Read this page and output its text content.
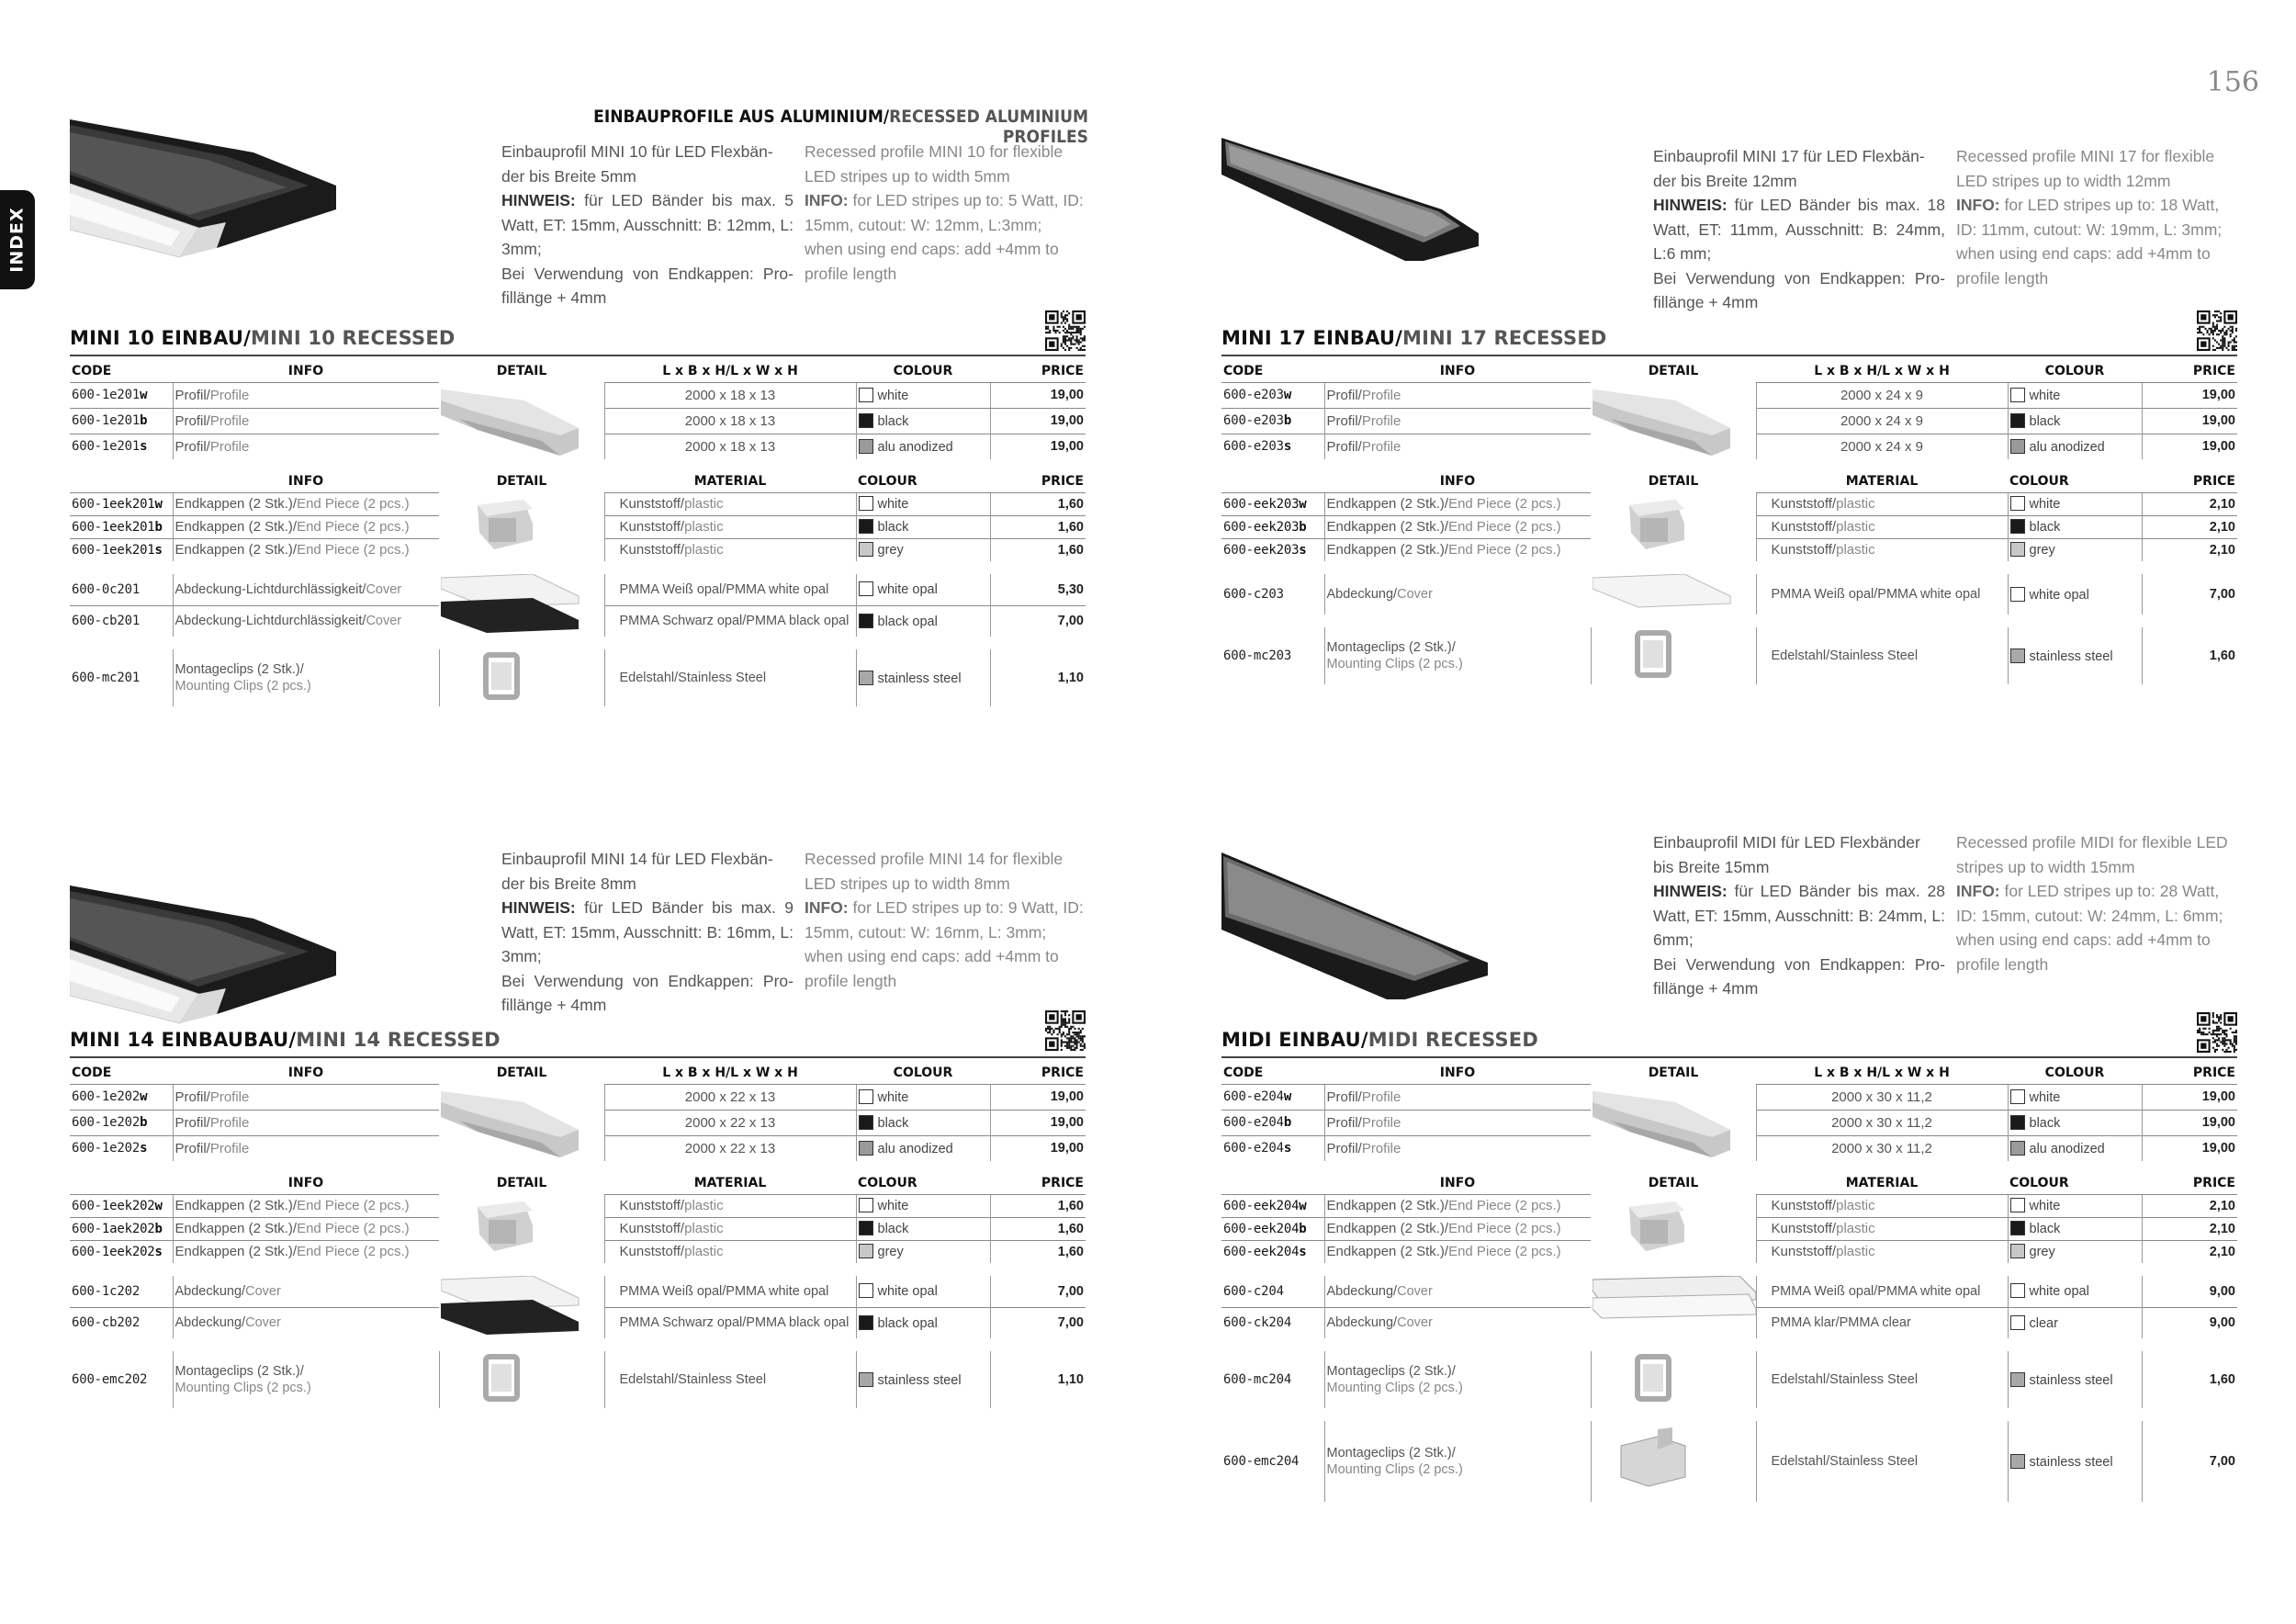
156
INDEX
EINBAUPROFILE AUS ALUMINIUM/RECESSED ALUMINIUM PROFILES
Einbauprofil MINI 10 für LED Flexbän-
der bis Breite 5mm
HINWEIS: für LED Bänder bis max. 5 Watt, ET: 15mm, Ausschnitt: B: 12mm, L: 3mm;
Bei Verwendung von Endkappen: Pro-fillänge + 4mm
Recessed profile MINI 10 for flexible LED stripes up to width 5mm
INFO: for LED stripes up to: 5 Watt, ID: 15mm, cutout: W: 12mm, L:3mm; when using end caps: add +4mm to profile length
MINI 10 EINBAU/MINI 10 RECESSED
CODE	INFO	DETAIL	L x B x H/L x W x H	COLOUR	PRICE
600-1e201w	Profil/Profile		2000 x 18 x 13	white	19,00
600-1e201b	Profil/Profile		2000 x 18 x 13	black	19,00
600-1e201s	Profil/Profile		2000 x 18 x 13	alu anodized	19,00

	INFO	DETAIL	MATERIAL	COLOUR	PRICE
600-1eek201w	Endkappen (2 Stk.)/End Piece (2 pcs.)		Kunststoff/plastic	white	1,60
600-1eek201b	Endkappen (2 Stk.)/End Piece (2 pcs.)		Kunststoff/plastic	black	1,60
600-1eek201s	Endkappen (2 Stk.)/End Piece (2 pcs.)		Kunststoff/plastic	grey	1,60

600-0c201	Abdeckung-Lichtdurchlässigkeit/Cover		PMMA Weiß opal/PMMA white opal	white opal	5,30
600-cb201	Abdeckung-Lichtdurchlässigkeit/Cover		PMMA Schwarz opal/PMMA black opal	black opal	7,00

600-mc201	Montageclips (2 Stk.)/
Mounting Clips (2 pcs.)		Edelstahl/Stainless Steel	stainless steel	1,10
Einbauprofil MINI 17 für LED Flexbän-
der bis Breite 12mm
HINWEIS: für LED Bänder bis max. 18 Watt, ET: 11mm, Ausschnitt: B: 24mm, L:6 mm;
Bei Verwendung von Endkappen: Pro-fillänge + 4mm
Recessed profile MINI 17 for flexible LED stripes up to width 12mm
INFO: for LED stripes up to: 18 Watt, ID: 11mm, cutout: W: 19mm, L: 3mm; when using end caps: add +4mm to profile length
MINI 17 EINBAU/MINI 17 RECESSED
CODE	INFO	DETAIL	L x B x H/L x W x H	COLOUR	PRICE
600-e203w	Profil/Profile		2000 x 24 x 9	white	19,00
600-e203b	Profil/Profile		2000 x 24 x 9	black	19,00
600-e203s	Profil/Profile		2000 x 24 x 9	alu anodized	19,00

	INFO	DETAIL	MATERIAL	COLOUR	PRICE
600-eek203w	Endkappen (2 Stk.)/End Piece (2 pcs.)		Kunststoff/plastic	white	2,10
600-eek203b	Endkappen (2 Stk.)/End Piece (2 pcs.)		Kunststoff/plastic	black	2,10
600-eek203s	Endkappen (2 Stk.)/End Piece (2 pcs.)		Kunststoff/plastic	grey	2,10

600-c203	Abdeckung/Cover		PMMA Weiß opal/PMMA white opal	white opal	7,00

600-mc203	Montageclips (2 Stk.)/
Mounting Clips (2 pcs.)		Edelstahl/Stainless Steel	stainless steel	1,60
Einbauprofil MINI 14 für LED Flexbän-
der bis Breite 8mm
HINWEIS: für LED Bänder bis max. 9 Watt, ET: 15mm, Ausschnitt: B: 16mm, L: 3mm;
Bei Verwendung von Endkappen: Pro-fillänge + 4mm
Recessed profile MINI 14 for flexible LED stripes up to width 8mm
INFO: for LED stripes up to: 9 Watt, ID: 15mm, cutout: W: 16mm, L: 3mm; when using end caps: add +4mm to profile length
MINI 14 EINBAUBAU/MINI 14 RECESSED
CODE	INFO	DETAIL	L x B x H/L x W x H	COLOUR	PRICE
600-1e202w	Profil/Profile		2000 x 22 x 13	white	19,00
600-1e202b	Profil/Profile		2000 x 22 x 13	black	19,00
600-1e202s	Profil/Profile		2000 x 22 x 13	alu anodized	19,00

	INFO	DETAIL	MATERIAL	COLOUR	PRICE
600-1eek202w	Endkappen (2 Stk.)/End Piece (2 pcs.)		Kunststoff/plastic	white	1,60
600-1aek202b	Endkappen (2 Stk.)/End Piece (2 pcs.)		Kunststoff/plastic	black	1,60
600-1eek202s	Endkappen (2 Stk.)/End Piece (2 pcs.)		Kunststoff/plastic	grey	1,60

600-1c202	Abdeckung/Cover		PMMA Weiß opal/PMMA white opal	white opal	7,00
600-cb202	Abdeckung/Cover		PMMA Schwarz opal/PMMA black opal	black opal	7,00

600-emc202	Montageclips (2 Stk.)/
Mounting Clips (2 pcs.)		Edelstahl/Stainless Steel	stainless steel	1,10
Einbauprofil MIDI für LED Flexbänder
bis Breite 15mm
HINWEIS: für LED Bänder bis max. 28 Watt, ET: 15mm, Ausschnitt: B: 24mm, L: 6mm;
Bei Verwendung von Endkappen: Pro-fillänge + 4mm
Recessed profile MIDI for flexible LED stripes up to width 15mm
INFO: for LED stripes up to: 28 Watt, ID: 15mm, cutout: W: 24mm, L: 6mm; when using end caps: add +4mm to profile length
MIDI EINBAU/MIDI RECESSED
CODE	INFO	DETAIL	L x B x H/L x W x H	COLOUR	PRICE
600-e204w	Profil/Profile		2000 x 30 x 11,2	white	19,00
600-e204b	Profil/Profile		2000 x 30 x 11,2	black	19,00
600-e204s	Profil/Profile		2000 x 30 x 11,2	alu anodized	19,00

	INFO	DETAIL	MATERIAL	COLOUR	PRICE
600-eek204w	Endkappen (2 Stk.)/End Piece (2 pcs.)		Kunststoff/plastic	white	2,10
600-eek204b	Endkappen (2 Stk.)/End Piece (2 pcs.)		Kunststoff/plastic	black	2,10
600-eek204s	Endkappen (2 Stk.)/End Piece (2 pcs.)		Kunststoff/plastic	grey	2,10

600-c204	Abdeckung/Cover		PMMA Weiß opal/PMMA white opal	white opal	9,00
600-ck204	Abdeckung/Cover		PMMA klar/PMMA clear	clear	9,00

600-mc204	Montageclips (2 Stk.)/
Mounting Clips (2 pcs.)		Edelstahl/Stainless Steel	stainless steel	1,60

600-emc204	Montageclips (2 Stk.)/
Mounting Clips (2 pcs.)		Edelstahl/Stainless Steel	stainless steel	7,00
